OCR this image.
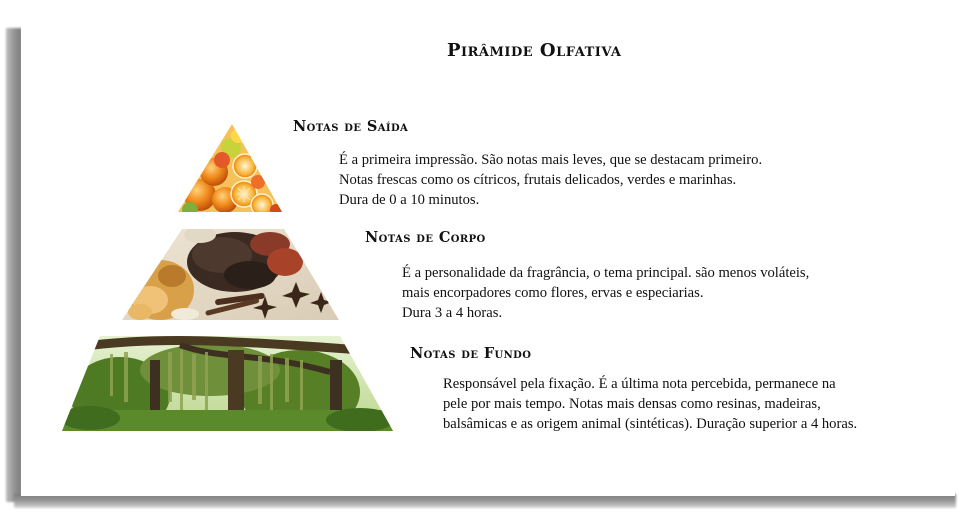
Pirâmide Olfativa
Notas de Saída
É a primeira impressão. São notas mais leves, que se destacam primeiro.
Notas frescas como os cítricos, frutais delicados, verdes e marinhas.
Dura de 0 a 10 minutos.
Notas de Corpo
É a personalidade da fragrância, o tema principal. são menos voláteis,
mais encorpadores como flores, ervas e especiarias.
Dura 3 a 4 horas.
Notas de Fundo
Responsável pela fixação. É a última nota percebida, permanece na
pele por mais tempo. Notas mais densas como resinas, madeiras,
balsâmicas e as origem animal (sintéticas). Duração superior a 4 horas.
